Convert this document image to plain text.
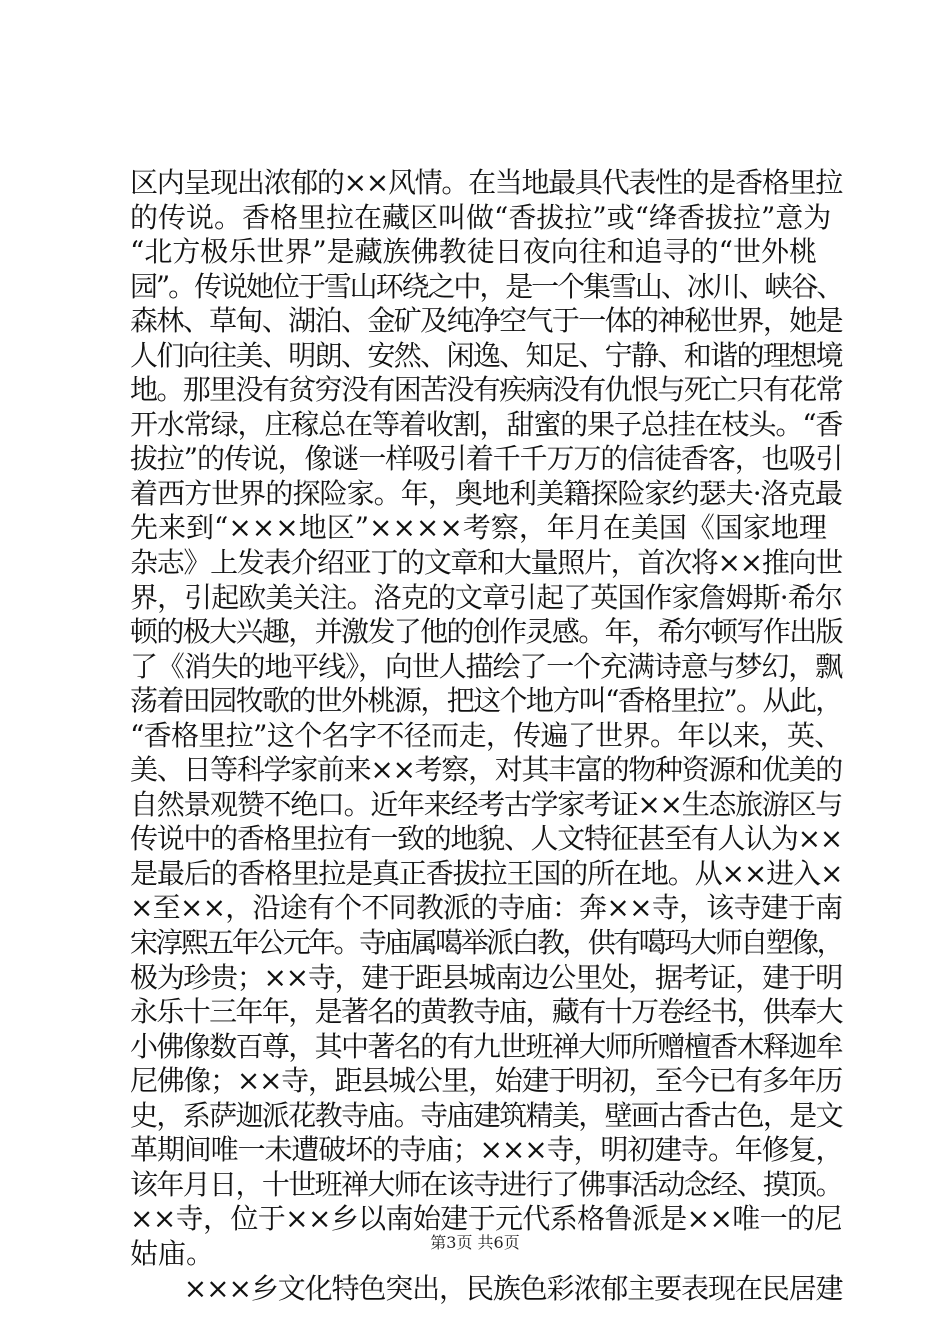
区内呈现出浓郁的××风情。在当地最具代表性的是香格里拉
的传说。香格里拉在藏区叫做“香拔拉”或“绛香拔拉”意为
“北方极乐世界”是藏族佛教徒日夜向往和追寻的“世外桃
园”。传说她位于雪山环绕之中，是一个集雪山、冰川、峡谷、
森林、草甸、湖泊、金矿及纯净空气于一体的神秘世界，她是
人们向往美、明朗、安然、闲逸、知足、宁静、和谐的理想境
地。那里没有贫穷没有困苦没有疾病没有仇恨与死亡只有花常
开水常绿，庄稼总在等着收割，甜蜜的果子总挂在枝头。“香
拔拉”的传说，像谜一样吸引着千千万万的信徒香客，也吸引
着西方世界的探险家。年，奥地利美籍探险家约瑟夫·洛克最
先来到“×××地区”××××考察，年月在美国《国家地理
杂志》上发表介绍亚丁的文章和大量照片，首次将××推向世
界，引起欧美关注。洛克的文章引起了英国作家詹姆斯·希尔
顿的极大兴趣，并激发了他的创作灵感。年，希尔顿写作出版
了《消失的地平线》，向世人描绘了一个充满诗意与梦幻，飘
荡着田园牧歌的世外桃源，把这个地方叫“香格里拉”。从此，
“香格里拉”这个名字不径而走，传遍了世界。年以来，英、
美、日等科学家前来××考察，对其丰富的物种资源和优美的
自然景观赞不绝口。近年来经考古学家考证××生态旅游区与
传说中的香格里拉有一致的地貌、人文特征甚至有人认为××
是最后的香格里拉是真正香拔拉王国的所在地。从××进入×
×至××，沿途有个不同教派的寺庙：奔××寺，该寺建于南
宋淳熙五年公元年。寺庙属噶举派白教，供有噶玛大师自塑像，
极为珍贵；××寺，建于距县城南边公里处，据考证，建于明
永乐十三年年，是著名的黄教寺庙，藏有十万卷经书，供奉大
小佛像数百尊，其中著名的有九世班禅大师所赠檀香木释迦牟
尼佛像；××寺，距县城公里，始建于明初，至今已有多年历
史，系萨迦派花教寺庙。寺庙建筑精美，壁画古香古色，是文
革期间唯一未遭破坏的寺庙；×××寺，明初建寺。年修复，
该年月日，十世班禅大师在该寺进行了佛事活动念经、摸顶。
××寺，位于××乡以南始建于元代系格鲁派是××唯一的尼
姑庙。
　　×××乡文化特色突出，民族色彩浓郁主要表现在民居建
第3页 共6页
